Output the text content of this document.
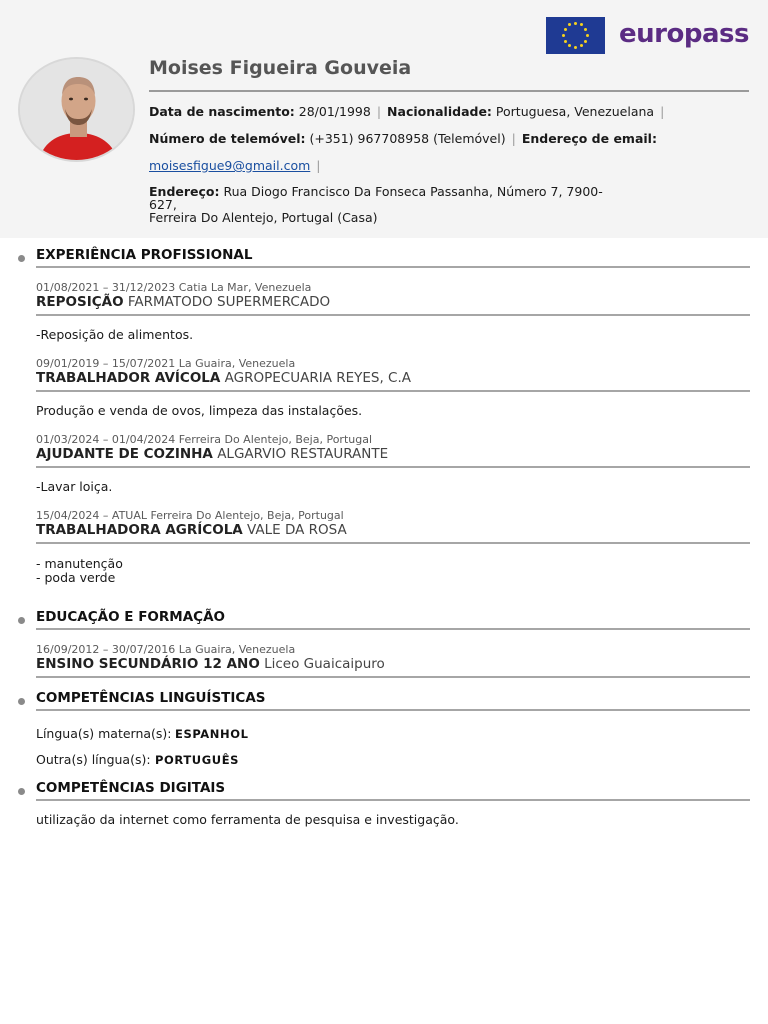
europass
Moises Figueira Gouveia
Data de nascimento: 28/01/1998 | Nacionalidade: Portuguesa, Venezuelana |
Número de telemóvel: (+351) 967708958 (Telemóvel) | Endereço de email:
moisesfigue9@gmail.com |
Endereço: Rua Diogo Francisco Da Fonseca Passanha, Número 7, 7900-627,
Ferreira Do Alentejo, Portugal (Casa)
EXPERIÊNCIA PROFISSIONAL
01/08/2021 – 31/12/2023 Catia La Mar, Venezuela
REPOSIÇÃO FARMATODO SUPERMERCADO
-Reposição de alimentos.
09/01/2019 – 15/07/2021 La Guaira, Venezuela
TRABALHADOR AVÍCOLA AGROPECUARIA REYES, C.A
Produção e venda de ovos, limpeza das instalações.
01/03/2024 – 01/04/2024 Ferreira Do Alentejo, Beja, Portugal
AJUDANTE DE COZINHA ALGARVIO RESTAURANTE
-Lavar loiça.
15/04/2024 – ATUAL Ferreira Do Alentejo, Beja, Portugal
TRABALHADORA AGRÍCOLA VALE DA ROSA
- manutenção
- poda verde
EDUCAÇÃO E FORMAÇÃO
16/09/2012 – 30/07/2016 La Guaira, Venezuela
ENSINO SECUNDÁRIO 12 ANO Liceo Guaicaipuro
COMPETÊNCIAS LINGUÍSTICAS
Língua(s) materna(s): ESPANHOL
Outra(s) língua(s): PORTUGUÊS
COMPETÊNCIAS DIGITAIS
utilização da internet como ferramenta de pesquisa e investigação.
